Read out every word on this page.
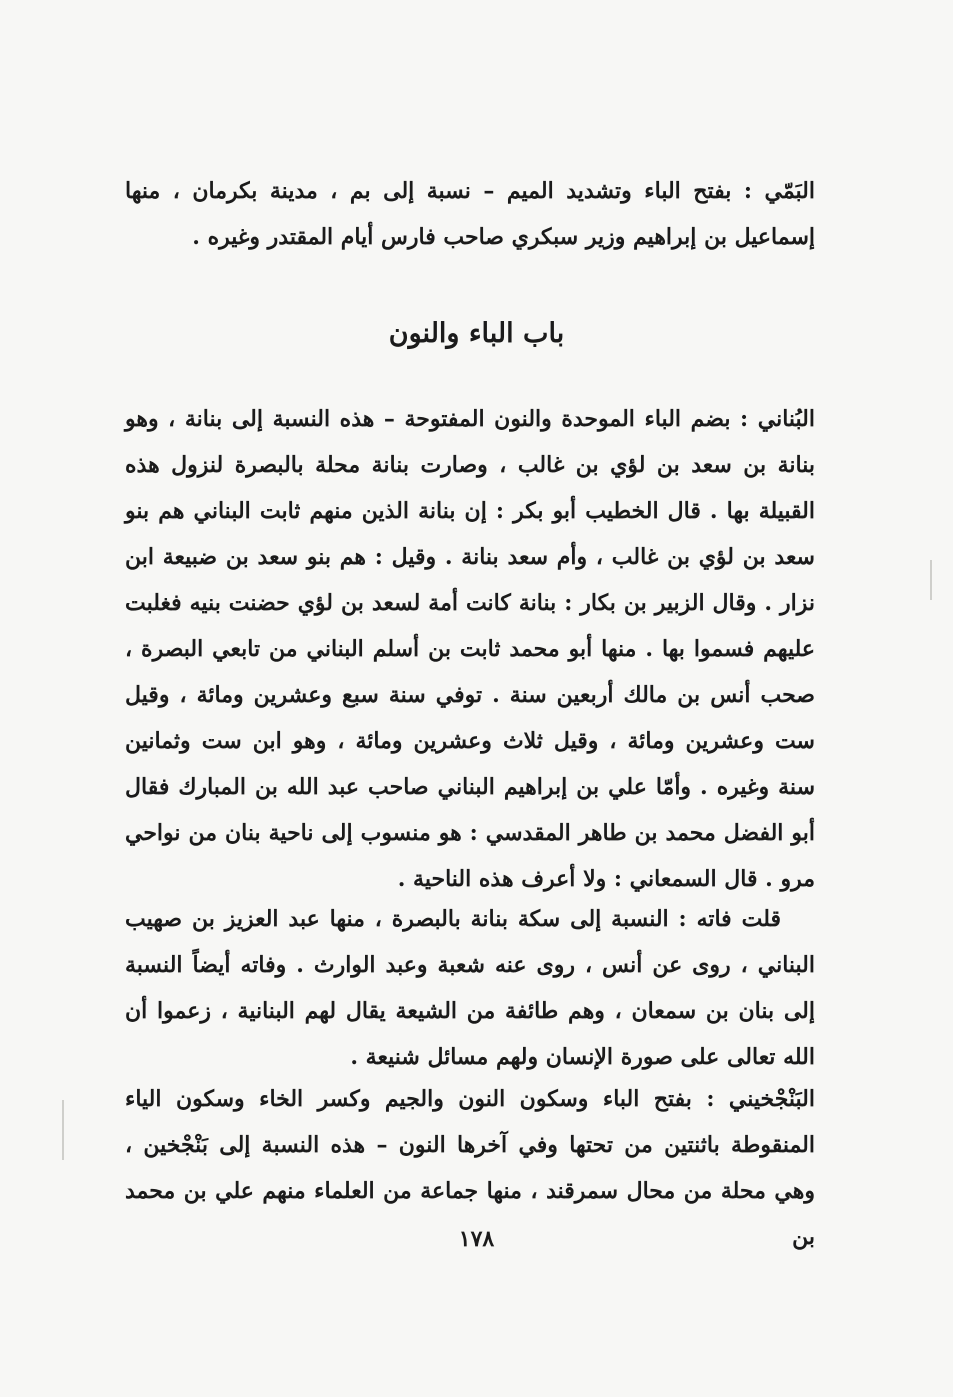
البَمّي : بفتح الباء وتشديد الميم – نسبة إلى بم ، مدينة بكرمان ، منها إسماعيل بن إبراهيم وزير سبكري صاحب فارس أيام المقتدر وغيره .

باب الباء والنون

البُناني : بضم الباء الموحدة والنون المفتوحة – هذه النسبة إلى بنانة ، وهو بنانة بن سعد بن لؤي بن غالب ، وصارت بنانة محلة بالبصرة لنزول هذه القبيلة بها . قال الخطيب أبو بكر : إن بنانة الذين منهم ثابت البناني هم بنو سعد بن لؤي بن غالب ، وأم سعد بنانة . وقيل : هم بنو سعد بن ضبيعة ابن نزار . وقال الزبير بن بكار : بنانة كانت أمة لسعد بن لؤي حضنت بنيه فغلبت عليهم فسموا بها . منها أبو محمد ثابت بن أسلم البناني من تابعي البصرة ، صحب أنس بن مالك أربعين سنة . توفي سنة سبع وعشرين ومائة ، وقيل ست وعشرين ومائة ، وقيل ثلاث وعشرين ومائة ، وهو ابن ست وثمانين سنة وغيره . وأمّا علي بن إبراهيم البناني صاحب عبد الله بن المبارك فقال أبو الفضل محمد بن طاهر المقدسي : هو منسوب إلى ناحية بنان من نواحي مرو . قال السمعاني : ولا أعرف هذه الناحية .

قلت فاته : النسبة إلى سكة بنانة بالبصرة ، منها عبد العزيز بن صهيب البناني ، روى عن أنس ، روى عنه شعبة وعبد الوارث . وفاته أيضاً النسبة إلى بنان بن سمعان ، وهم طائفة من الشيعة يقال لهم البنانية ، زعموا أن الله تعالى على صورة الإنسان ولهم مسائل شنيعة .

البَنْجْخيني : بفتح الباء وسكون النون والجيم وكسر الخاء وسكون الياء المنقوطة باثنتين من تحتها وفي آخرها النون – هذه النسبة إلى بَنْجْخين ، وهي محلة من محال سمرقند ، منها جماعة من العلماء منهم علي بن محمد بن

١٧٨
